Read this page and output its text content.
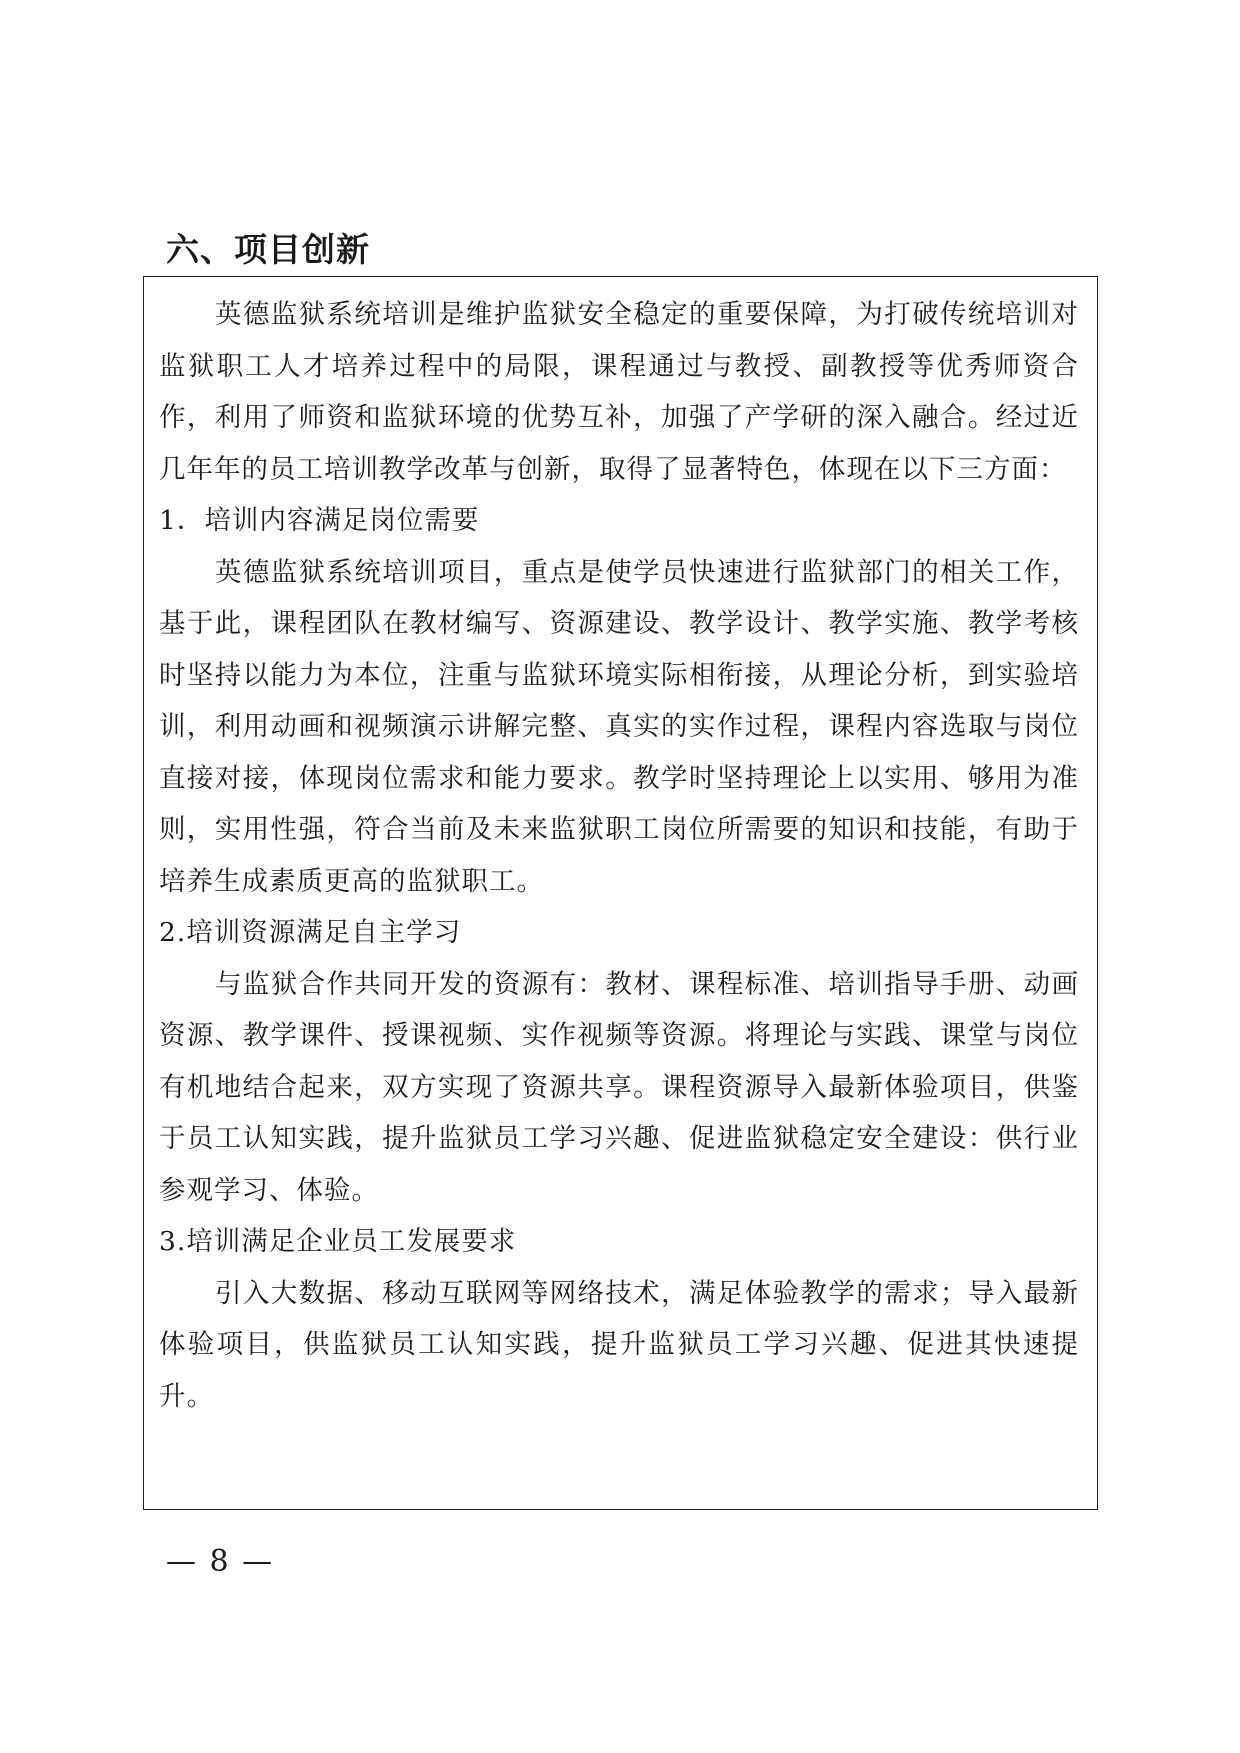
六、项目创新

英德监狱系统培训是维护监狱安全稳定的重要保障，为打破传统培训对监狱职工人才培养过程中的局限，课程通过与教授、副教授等优秀师资合作，利用了师资和监狱环境的优势互补，加强了产学研的深入融合。经过近几年年的员工培训教学改革与创新，取得了显著特色，体现在以下三方面：

1．培训内容满足岗位需要

英德监狱系统培训项目，重点是使学员快速进行监狱部门的相关工作，基于此，课程团队在教材编写、资源建设、教学设计、教学实施、教学考核时坚持以能力为本位，注重与监狱环境实际相衔接，从理论分析，到实验培训，利用动画和视频演示讲解完整、真实的实作过程，课程内容选取与岗位直接对接，体现岗位需求和能力要求。教学时坚持理论上以实用、够用为准则，实用性强，符合当前及未来监狱职工岗位所需要的知识和技能，有助于培养生成素质更高的监狱职工。

2.培训资源满足自主学习

与监狱合作共同开发的资源有：教材、课程标准、培训指导手册、动画资源、教学课件、授课视频、实作视频等资源。将理论与实践、课堂与岗位有机地结合起来，双方实现了资源共享。课程资源导入最新体验项目，供鉴于员工认知实践，提升监狱员工学习兴趣、促进监狱稳定安全建设：供行业参观学习、体验。

3.培训满足企业员工发展要求

引入大数据、移动互联网等网络技术，满足体验教学的需求；导入最新体验项目，供监狱员工认知实践，提升监狱员工学习兴趣、促进其快速提升。

— 8 —
